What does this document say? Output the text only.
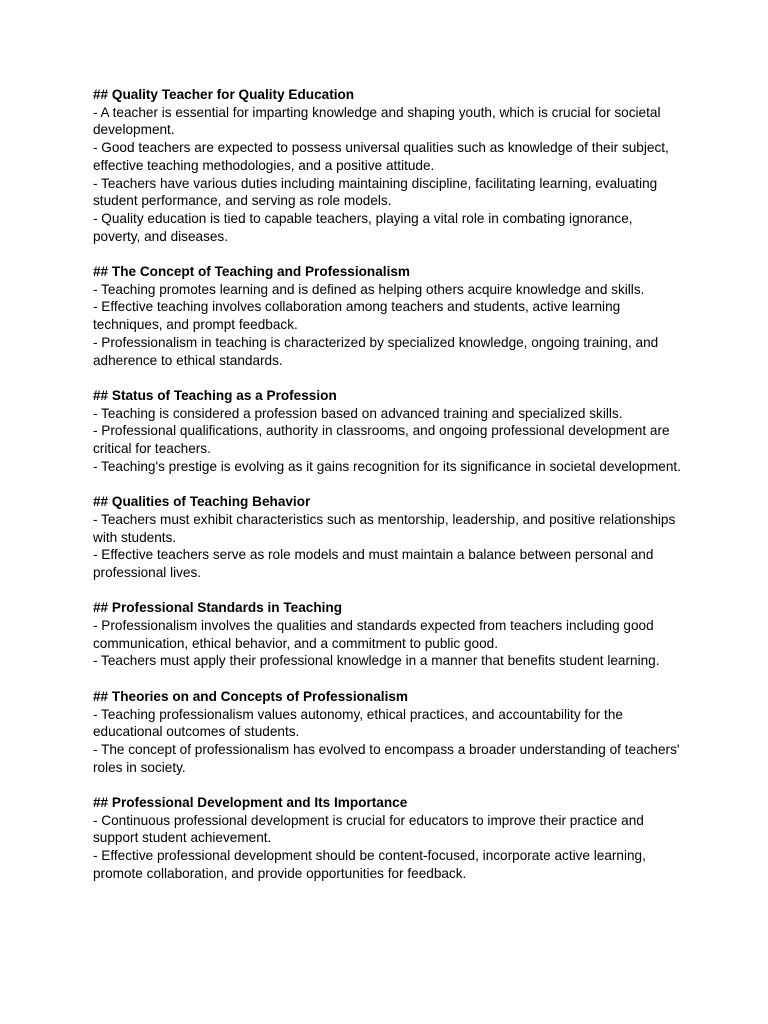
## Quality Teacher for Quality Education

- A teacher is essential for imparting knowledge and shaping youth, which is crucial for societal development.

- Good teachers are expected to possess universal qualities such as knowledge of their subject, effective teaching methodologies, and a positive attitude.

- Teachers have various duties including maintaining discipline, facilitating learning, evaluating student performance, and serving as role models.

- Quality education is tied to capable teachers, playing a vital role in combating ignorance, poverty, and diseases.

## The Concept of Teaching and Professionalism

- Teaching promotes learning and is defined as helping others acquire knowledge and skills.

- Effective teaching involves collaboration among teachers and students, active learning techniques, and prompt feedback.

- Professionalism in teaching is characterized by specialized knowledge, ongoing training, and adherence to ethical standards.

## Status of Teaching as a Profession

- Teaching is considered a profession based on advanced training and specialized skills.

- Professional qualifications, authority in classrooms, and ongoing professional development are critical for teachers.

- Teaching's prestige is evolving as it gains recognition for its significance in societal development.

## Qualities of Teaching Behavior

- Teachers must exhibit characteristics such as mentorship, leadership, and positive relationships with students.

- Effective teachers serve as role models and must maintain a balance between personal and professional lives.

## Professional Standards in Teaching

- Professionalism involves the qualities and standards expected from teachers including good communication, ethical behavior, and a commitment to public good.

- Teachers must apply their professional knowledge in a manner that benefits student learning.

## Theories on and Concepts of Professionalism

- Teaching professionalism values autonomy, ethical practices, and accountability for the educational outcomes of students.

- The concept of professionalism has evolved to encompass a broader understanding of teachers' roles in society.

## Professional Development and Its Importance

- Continuous professional development is crucial for educators to improve their practice and support student achievement.

- Effective professional development should be content-focused, incorporate active learning, promote collaboration, and provide opportunities for feedback.
